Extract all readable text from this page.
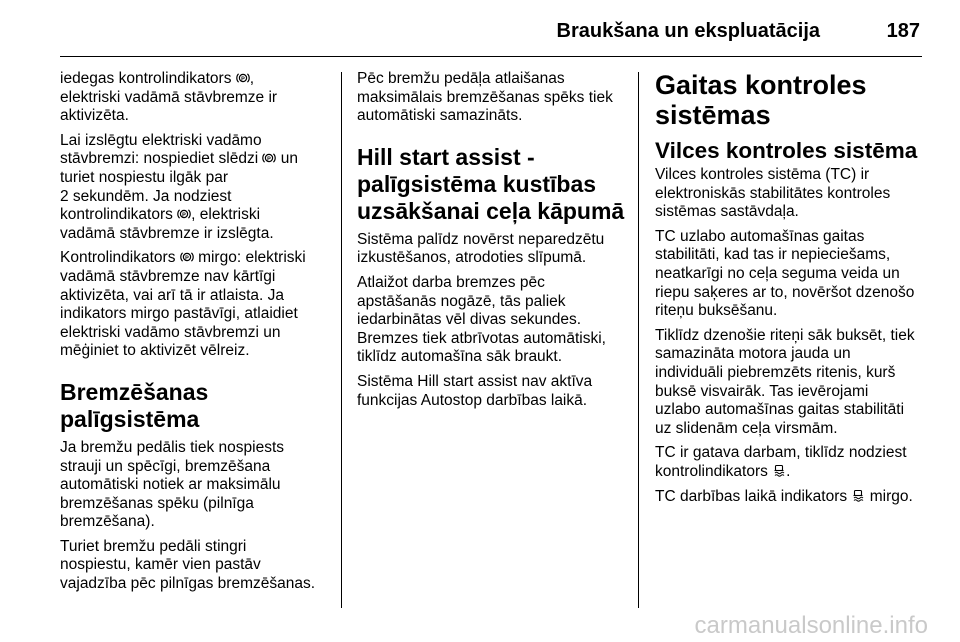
Braukšana un ekspluatācija	187

iedegas kontrolindikators P ,
elektriski vadāmā stāvbremze ir
aktivizēta.

Lai izslēgtu elektriski vadāmo
stāvbremzi: nospiediet slēdzi P un
turiet nospiestu ilgāk par
2 sekundēm. Ja nodziest
kontrolindikators P , elektriski
vadāmā stāvbremze ir izslēgta.

Kontrolindikators P mirgo: elektriski
vadāmā stāvbremze nav kārtīgi
aktivizēta, vai arī tā ir atlaista. Ja
indikators mirgo pastāvīgi, atlaidiet
elektriski vadāmo stāvbremzi un
mēģiniet to aktivizēt vēlreiz.

Bremzēšanas
palīgsistēma

Ja bremžu pedālis tiek nospiests
strauji un spēcīgi, bremzēšana
automātiski notiek ar maksimālu
bremzēšanas spēku (pilnīga
bremzēšana).

Turiet bremžu pedāli stingri
nospiestu, kamēr vien pastāv
vajadzība pēc pilnīgas bremzēšanas.

Pēc bremžu pedāļa atlaišanas
maksimālais bremzēšanas spēks tiek
automātiski samazināts.

Hill start assist -
palīgsistēma kustības
uzsākšanai ceļa kāpumā

Sistēma palīdz novērst neparedzētu
izkustēšanos, atrodoties slīpumā.

Atlaižot darba bremzes pēc
apstāšanās nogāzē, tās paliek
iedarbinātas vēl divas sekundes.
Bremzes tiek atbrīvotas automātiski,
tiklīdz automašīna sāk braukt.

Sistēma Hill start assist nav aktīva
funkcijas Autostop darbības laikā.

Gaitas kontroles
sistēmas
Vilces kontroles sistēma

Vilces kontroles sistēma (TC) ir
elektroniskās stabilitātes kontroles
sistēmas sastāvdaļa.

TC uzlabo automašīnas gaitas
stabilitāti, kad tas ir nepieciešams,
neatkarīgi no ceļa seguma veida un
riepu saķeres ar to, novēršot dzenošo
riteņu buksēšanu.

Tiklīdz dzenošie riteņi sāk buksēt, tiek
samazināta motora jauda un
individuāli piebremzēts ritenis, kurš
buksē visvairāk. Tas ievērojami
uzlabo automašīnas gaitas stabilitāti
uz slidenām ceļa virsmām.

TC ir gatava darbam, tiklīdz nodziest
kontrolindikators .

TC darbības laikā indikators  mirgo.

carmanualsonline.info
